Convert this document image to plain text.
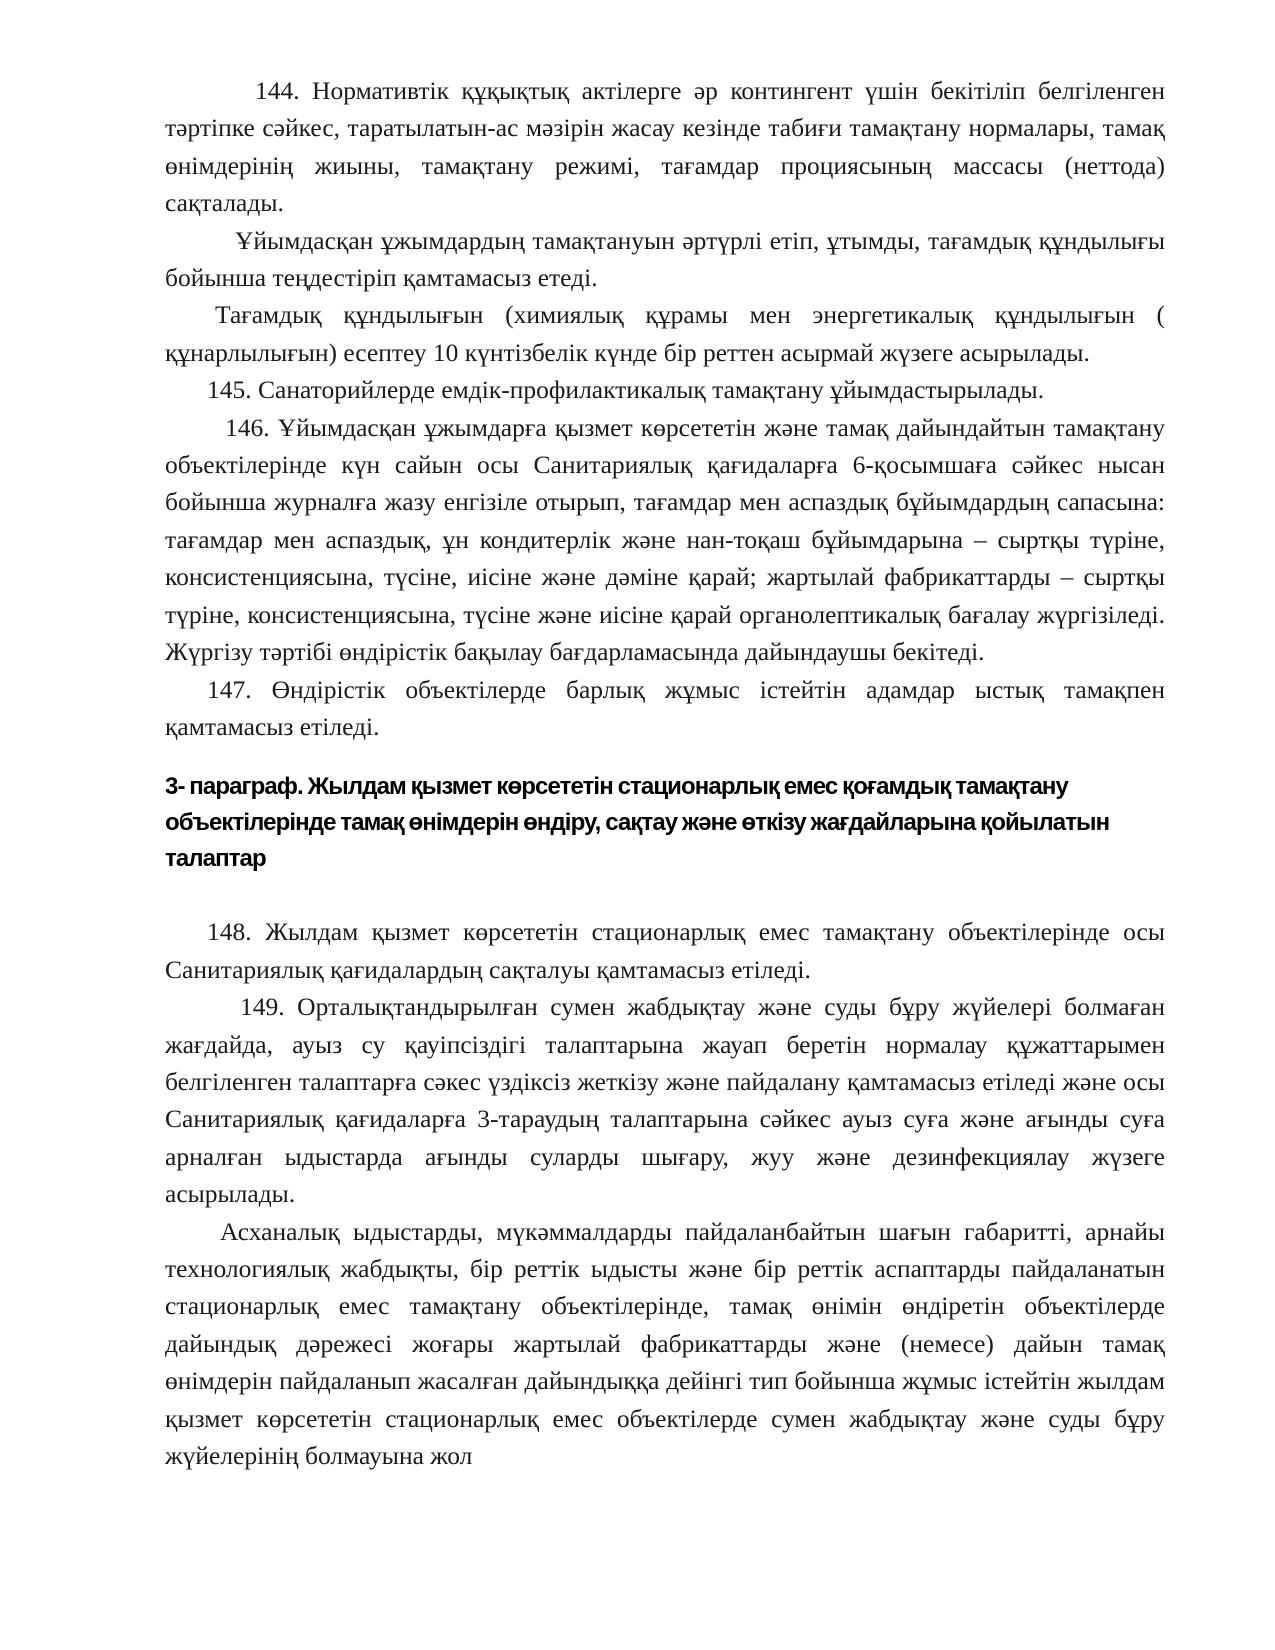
144. Нормативтік құқықтық актілерге әр контингент үшін бекітіліп белгіленген тәртіпке сәйкес, таратылатын-ас мәзірін жасау кезінде табиғи тамақтану нормалары, тамақ өнімдерінің жиыны, тамақтану режимі, тағамдар проциясының массасы (неттода) сақталады.

Ұйымдасқан ұжымдардың тамақтануын әртүрлі етіп, ұтымды, тағамдық құндылығы бойынша теңдестіріп қамтамасыз етеді.

Тағамдық құндылығын (химиялық құрамы мен энергетикалық құндылығын ( құнарлылығын) есептеу 10 күнтізбелік күнде бір реттен асырмай жүзеге асырылады.

145. Санаторийлерде емдік-профилактикалық тамақтану ұйымдастырылады.

146. Ұйымдасқан ұжымдарға қызмет көрсететін және тамақ дайындайтын тамақтану объектілерінде күн сайын осы Санитариялық қағидаларға 6-қосымшаға сәйкес нысан бойынша журналға жазу енгізіле отырып, тағамдар мен аспаздық бұйымдардың сапасына: тағамдар мен аспаздық, ұн кондитерлік және нан-тоқаш бұйымдарына – сыртқы түріне, консистенциясына, түсіне, иісіне және дәміне қарай; жартылай фабрикаттарды – сыртқы түріне, консистенциясына, түсіне және иісіне қарай органолептикалық бағалау жүргізіледі. Жүргізу тәртібі өндірістік бақылау бағдарламасында дайындаушы бекітеді.

147. Өндірістік объектілерде барлық жұмыс істейтін адамдар ыстық тамақпен қамтамасыз етіледі.

3- параграф. Жылдам қызмет көрсететін стационарлық емес қоғамдық тамақтану объектілерінде тамақ өнімдерін өндіру, сақтау және өткізу жағдайларына қойылатын талаптар

148. Жылдам қызмет көрсететін стационарлық емес тамақтану объектілерінде осы Санитариялық қағидалардың сақталуы қамтамасыз етіледі.

149. Орталықтандырылған сумен жабдықтау және суды бұру жүйелері болмаған жағдайда, ауыз су қауіпсіздігі талаптарына жауап беретін нормалау құжаттарымен белгіленген талаптарға сәкес үздіксіз жеткізу және пайдалану қамтамасыз етіледі және осы Санитариялық қағидаларға 3-тараудың талаптарына сәйкес ауыз суға және ағынды суға арналған ыдыстарда ағынды суларды шығару, жуу және дезинфекциялау жүзеге асырылады.

Асханалық ыдыстарды, мүкәммалдарды пайдаланбайтын шағын габаритті, арнайы технологиялық жабдықты, бір реттік ыдысты және бір реттік аспаптарды пайдаланатын стационарлық емес тамақтану объектілерінде, тамақ өнімін өндіретін объектілерде дайындық дәрежесі жоғары жартылай фабрикаттарды және (немесе) дайын тамақ өнімдерін пайдаланып жасалған дайындыққа дейінгі тип бойынша жұмыс істейтін жылдам қызмет көрсететін стационарлық емес объектілерде сумен жабдықтау және суды бұру жүйелерінің болмауына жол
